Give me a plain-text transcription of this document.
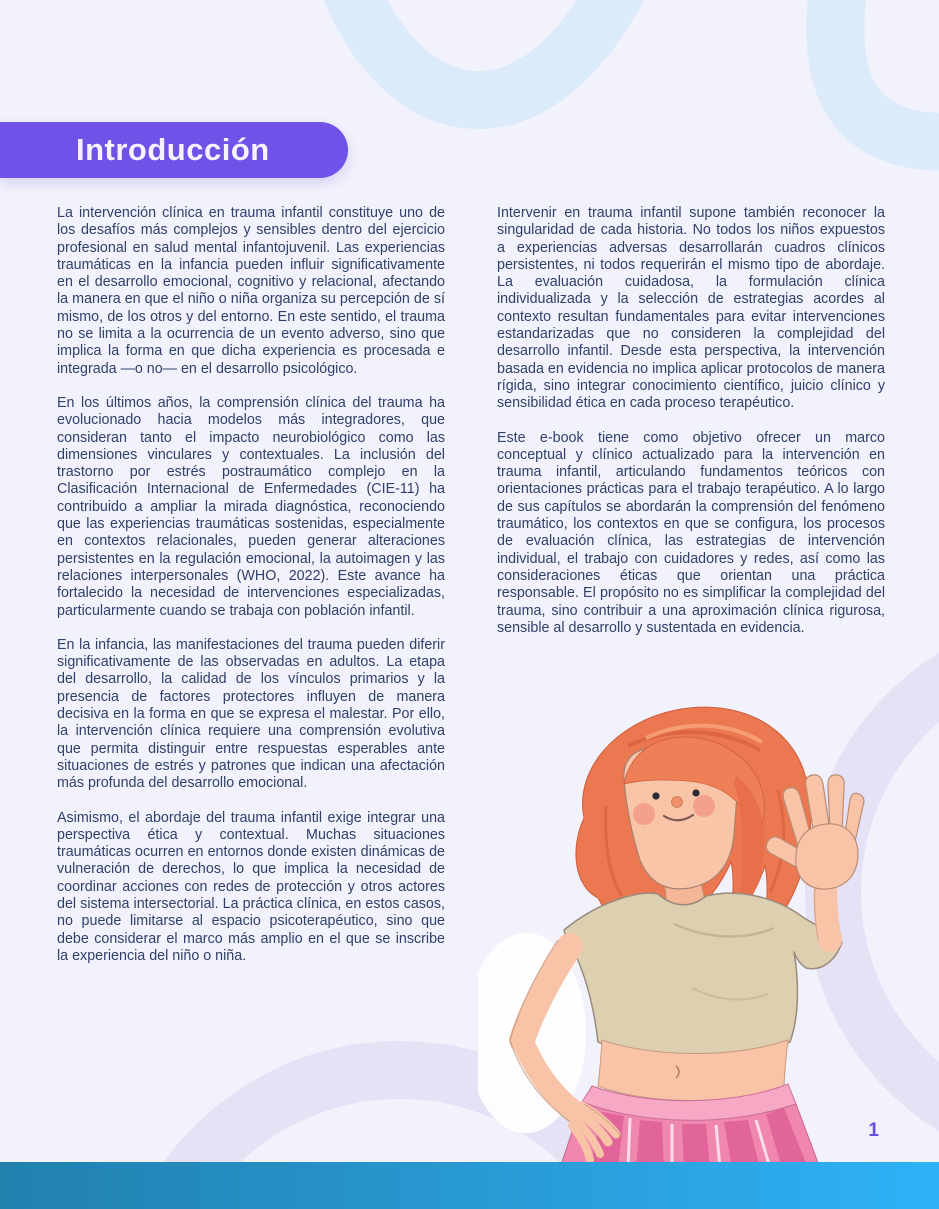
Introducción

La intervención clínica en trauma infantil constituye uno de los desafíos más complejos y sensibles dentro del ejercicio profesional en salud mental infantojuvenil. Las experiencias traumáticas en la infancia pueden influir significativamente en el desarrollo emocional, cognitivo y relacional, afectando la manera en que el niño o niña organiza su percepción de sí mismo, de los otros y del entorno. En este sentido, el trauma no se limita a la ocurrencia de un evento adverso, sino que implica la forma en que dicha experiencia es procesada e integrada —o no— en el desarrollo psicológico.

En los últimos años, la comprensión clínica del trauma ha evolucionado hacia modelos más integradores, que consideran tanto el impacto neurobiológico como las dimensiones vinculares y contextuales. La inclusión del trastorno por estrés postraumático complejo en la Clasificación Internacional de Enfermedades (CIE-11) ha contribuido a ampliar la mirada diagnóstica, reconociendo que las experiencias traumáticas sostenidas, especialmente en contextos relacionales, pueden generar alteraciones persistentes en la regulación emocional, la autoimagen y las relaciones interpersonales (WHO, 2022). Este avance ha fortalecido la necesidad de intervenciones especializadas, particularmente cuando se trabaja con población infantil.

En la infancia, las manifestaciones del trauma pueden diferir significativamente de las observadas en adultos. La etapa del desarrollo, la calidad de los vínculos primarios y la presencia de factores protectores influyen de manera decisiva en la forma en que se expresa el malestar. Por ello, la intervención clínica requiere una comprensión evolutiva que permita distinguir entre respuestas esperables ante situaciones de estrés y patrones que indican una afectación más profunda del desarrollo emocional.

Asimismo, el abordaje del trauma infantil exige integrar una perspectiva ética y contextual. Muchas situaciones traumáticas ocurren en entornos donde existen dinámicas de vulneración de derechos, lo que implica la necesidad de coordinar acciones con redes de protección y otros actores del sistema intersectorial. La práctica clínica, en estos casos, no puede limitarse al espacio psicoterapéutico, sino que debe considerar el marco más amplio en el que se inscribe la experiencia del niño o niña.

Intervenir en trauma infantil supone también reconocer la singularidad de cada historia. No todos los niños expuestos a experiencias adversas desarrollarán cuadros clínicos persistentes, ni todos requerirán el mismo tipo de abordaje. La evaluación cuidadosa, la formulación clínica individualizada y la selección de estrategias acordes al contexto resultan fundamentales para evitar intervenciones estandarizadas que no consideren la complejidad del desarrollo infantil. Desde esta perspectiva, la intervención basada en evidencia no implica aplicar protocolos de manera rígida, sino integrar conocimiento científico, juicio clínico y sensibilidad ética en cada proceso terapéutico.

Este e-book tiene como objetivo ofrecer un marco conceptual y clínico actualizado para la intervención en trauma infantil, articulando fundamentos teóricos con orientaciones prácticas para el trabajo terapéutico. A lo largo de sus capítulos se abordarán la comprensión del fenómeno traumático, los contextos en que se configura, los procesos de evaluación clínica, las estrategias de intervención individual, el trabajo con cuidadores y redes, así como las consideraciones éticas que orientan una práctica responsable. El propósito no es simplificar la complejidad del trauma, sino contribuir a una aproximación clínica rigurosa, sensible al desarrollo y sustentada en evidencia.

1
